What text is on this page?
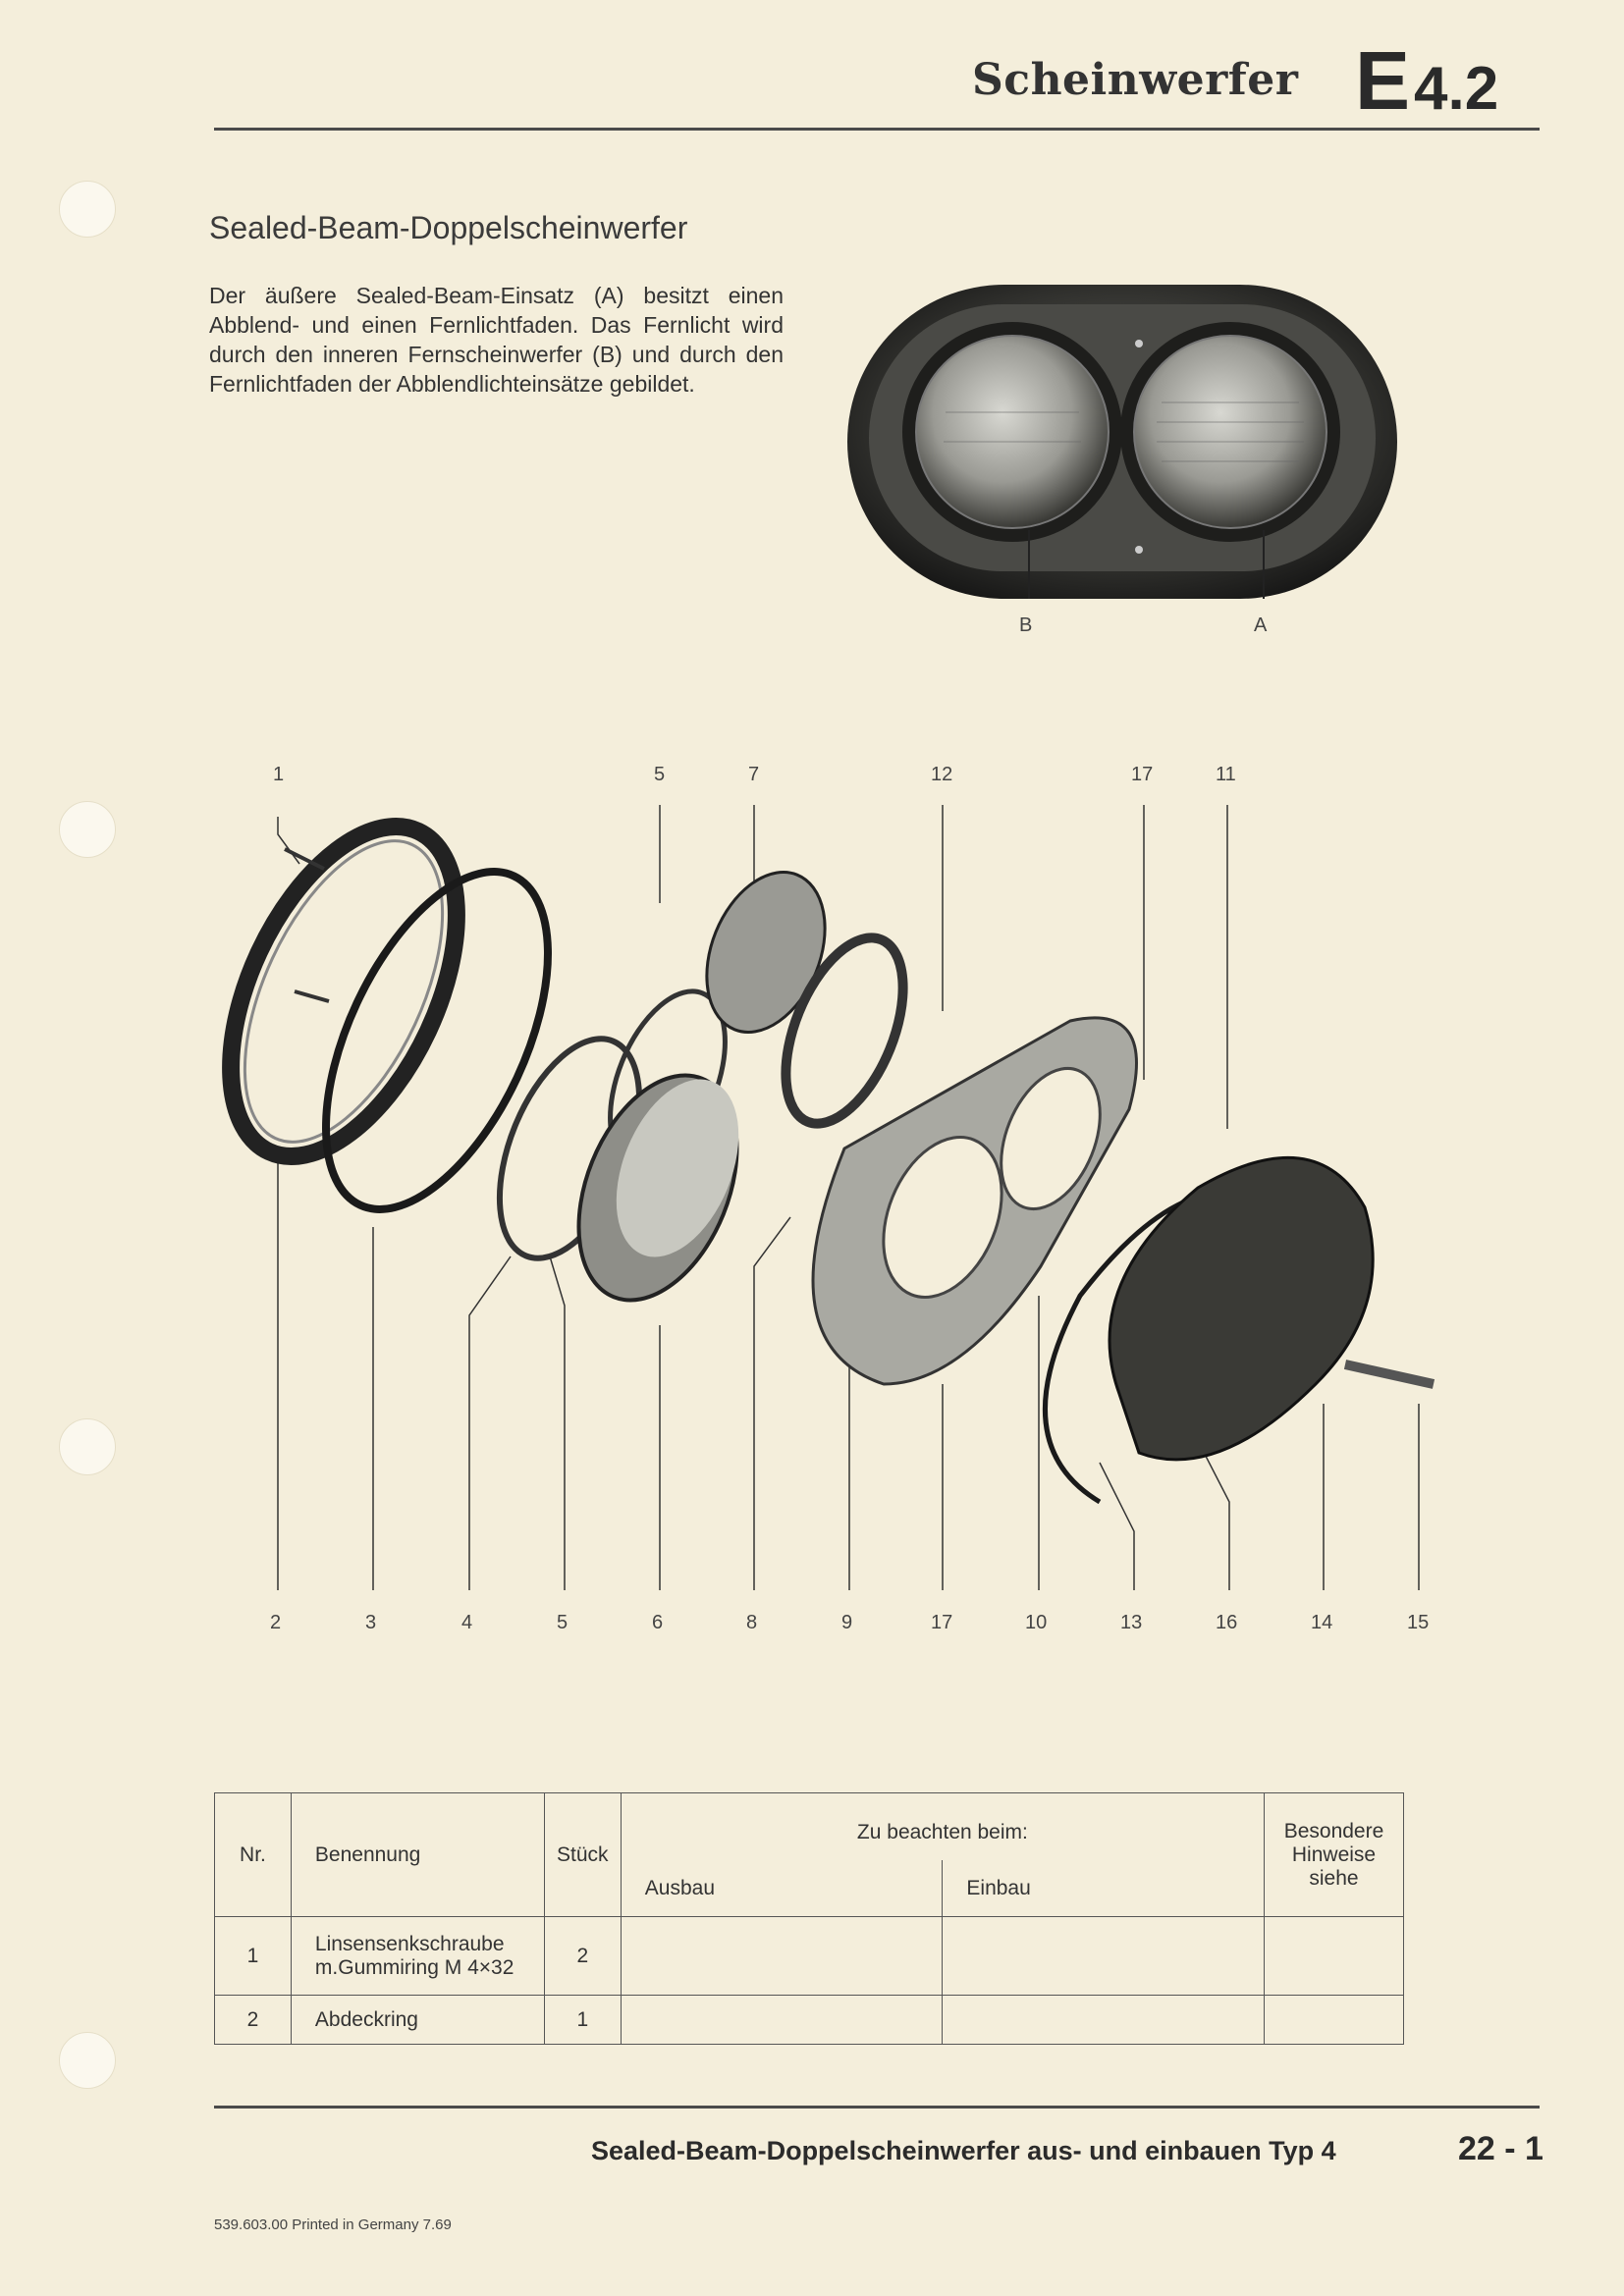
Scheinwerfer E4.2
Sealed-Beam-Doppelscheinwerfer
Der äußere Sealed-Beam-Einsatz (A) besitzt einen Abblend- und einen Fernlichtfaden. Das Fernlicht wird durch den inneren Fernscheinwerfer (B) und durch den Fernlichtfaden der Abblendlichteinsätze gebildet.
B	A
1	5	7	12	17	11
2	3	4	5	6	8	9	17	10	13	16	14	15
Nr.	Benennung	Stück	Zu beachten beim:		Besondere Hinweise siehe
			Ausbau	Einbau	
1	Linsensenkschraube m.Gummiring M 4×32	2			
2	Abdeckring	1			
Sealed-Beam-Doppelscheinwerfer aus- und einbauen Typ 4	22 - 1
539.603.00 Printed in Germany 7.69
